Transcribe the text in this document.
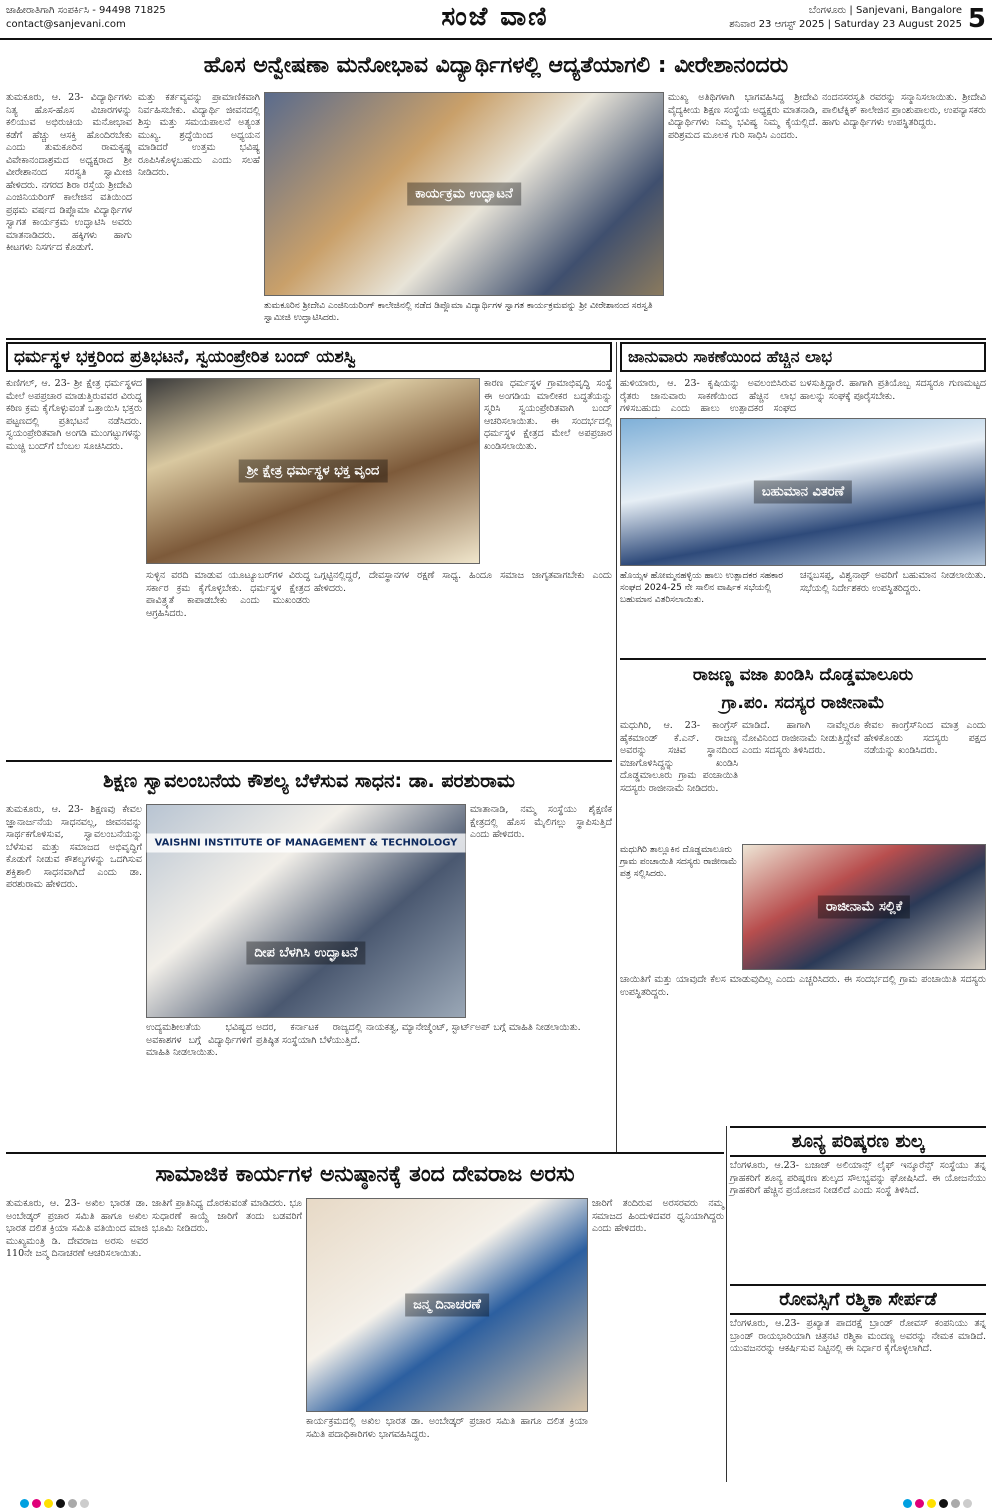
ಜಾಹೀರಾತಿಗಾಗಿ ಸಂಪರ್ಕಿಸಿ - 94498 71825
contact@sanjevani.com	ಸಂಜೆ ವಾಣಿ	ಬೆಂಗಳೂರು | Sanjevani, Bangalore
ಶನಿವಾರ 23 ಆಗಸ್ಟ್ 2025 | Saturday 23 August 2025 5
ಹೊಸ ಅನ್ವೇಷಣಾ ಮನೋಭಾವ ವಿದ್ಯಾರ್ಥಿಗಳಲ್ಲಿ ಆದ್ಯತೆಯಾಗಲಿ : ವೀರೇಶಾನಂದರು
ತುಮಕೂರು, ಆ. 23- ವಿದ್ಯಾರ್ಥಿಗಳು ನಿತ್ಯ ಹೊಸ-ಹೊಸ ವಿಚಾರಗಳನ್ನು ಕಲಿಯುವ ಅಭಿರುಚಿಯ ಮನೋಭಾವ ಕಡೆಗೆ ಹೆಚ್ಚು ಆಸಕ್ತಿ ಹೊಂದಿರಬೇಕು ಎಂದು ತುಮಕೂರಿನ ರಾಮಕೃಷ್ಣ ವಿವೇಕಾನಂದಾಶ್ರಮದ ಅಧ್ಯಕ್ಷರಾದ ಶ್ರೀ ವೀರೇಶಾನಂದ ಸರಸ್ವತಿ ಸ್ವಾಮೀಜಿ ಹೇಳಿದರು. ನಗರದ ಶಿರಾ ರಸ್ತೆಯ ಶ್ರೀದೇವಿ ಎಂಜಿನಿಯರಿಂಗ್ ಕಾಲೇಜಿನ ವತಿಯಿಂದ ಪ್ರಥಮ ವರ್ಷದ ಡಿಪ್ಲೊಮಾ ವಿದ್ಯಾರ್ಥಿಗಳ ಸ್ವಾಗತ ಕಾರ್ಯಕ್ರಮ ಉದ್ಘಾಟಿಸಿ ಅವರು ಮಾತನಾಡಿದರು. ಹಕ್ಕಿಗಳು ಹಾಗು ಕೀಟಗಳು ನಿಸರ್ಗದ ಕೊಡುಗೆ.
ಮತ್ತು ಕರ್ತವ್ಯವನ್ನು ಪ್ರಾಮಾಣಿಕವಾಗಿ ನಿರ್ವಹಿಸಬೇಕು. ವಿದ್ಯಾರ್ಥಿ ಜೀವನದಲ್ಲಿ ಶಿಸ್ತು ಮತ್ತು ಸಮಯಪಾಲನೆ ಅತ್ಯಂತ ಮುಖ್ಯ. ಶ್ರದ್ಧೆಯಿಂದ ಅಧ್ಯಯನ ಮಾಡಿದರೆ ಉತ್ತಮ ಭವಿಷ್ಯ ರೂಪಿಸಿಕೊಳ್ಳಬಹುದು ಎಂದು ಸಲಹೆ ನೀಡಿದರು.
ಕಾರ್ಯಕ್ರಮ ಉದ್ಘಾಟನೆ
ತುಮಕೂರಿನ ಶ್ರೀದೇವಿ ಎಂಜಿನಿಯರಿಂಗ್ ಕಾಲೇಜಿನಲ್ಲಿ ನಡೆದ ಡಿಪ್ಲೊಮಾ ವಿದ್ಯಾರ್ಥಿಗಳ ಸ್ವಾಗತ ಕಾರ್ಯಕ್ರಮವನ್ನು ಶ್ರೀ ವೀರೇಶಾನಂದ ಸರಸ್ವತಿ ಸ್ವಾಮೀಜಿ ಉದ್ಘಾಟಿಸಿದರು.
ಮುಖ್ಯ ಅತಿಥಿಗಳಾಗಿ ಭಾಗವಹಿಸಿದ್ದ ಶ್ರೀದೇವಿ ವೈದ್ಯಕೀಯ ಶಿಕ್ಷಣ ಸಂಸ್ಥೆಯ ಅಧ್ಯಕ್ಷರು ಮಾತನಾಡಿ, ವಿದ್ಯಾರ್ಥಿಗಳು ನಿಮ್ಮ ಭವಿಷ್ಯ ನಿಮ್ಮ ಕೈಯಲ್ಲಿದೆ. ಪರಿಶ್ರಮದ ಮೂಲಕ ಗುರಿ ಸಾಧಿಸಿ ಎಂದರು.
ನಂದನಸರಸ್ವತಿ ರವರನ್ನು ಸನ್ಮಾನಿಸಲಾಯಿತು. ಶ್ರೀದೇವಿ ಪಾಲಿಟೆಕ್ನಿಕ್ ಕಾಲೇಜಿನ ಪ್ರಾಂಶುಪಾಲರು, ಉಪನ್ಯಾಸಕರು ಹಾಗು ವಿದ್ಯಾರ್ಥಿಗಳು ಉಪಸ್ಥಿತರಿದ್ದರು.
ಧರ್ಮಸ್ಥಳ ಭಕ್ತರಿಂದ ಪ್ರತಿಭಟನೆ, ಸ್ವಯಂಪ್ರೇರಿತ ಬಂದ್ ಯಶಸ್ವಿ
ಕುಣಿಗಲ್, ಆ. 23- ಶ್ರೀ ಕ್ಷೇತ್ರ ಧರ್ಮಸ್ಥಳದ ಮೇಲೆ ಅಪಪ್ರಚಾರ ಮಾಡುತ್ತಿರುವವರ ವಿರುದ್ಧ ಕಠಿಣ ಕ್ರಮ ಕೈಗೊಳ್ಳುವಂತೆ ಒತ್ತಾಯಿಸಿ ಭಕ್ತರು ಪಟ್ಟಣದಲ್ಲಿ ಪ್ರತಿಭಟನೆ ನಡೆಸಿದರು. ಸ್ವಯಂಪ್ರೇರಿತವಾಗಿ ಅಂಗಡಿ ಮುಂಗಟ್ಟುಗಳನ್ನು ಮುಚ್ಚಿ ಬಂದ್‌ಗೆ ಬೆಂಬಲ ಸೂಚಿಸಿದರು.
ಶ್ರೀ ಕ್ಷೇತ್ರ ಧರ್ಮಸ್ಥಳ ಭಕ್ತ ವೃಂದ
ಕಾರಣ ಧರ್ಮಸ್ಥಳ ಗ್ರಾಮಾಭಿವೃದ್ಧಿ ಸಂಸ್ಥೆ ಈ ಅಂಗಡಿಯ ಮಾಲೀಕರ ಬದ್ಧತೆಯನ್ನು ಸ್ಮರಿಸಿ ಸ್ವಯಂಪ್ರೇರಿತವಾಗಿ ಬಂದ್ ಆಚರಿಸಲಾಯಿತು. ಈ ಸಂದರ್ಭದಲ್ಲಿ ಧರ್ಮಸ್ಥಳ ಕ್ಷೇತ್ರದ ಮೇಲೆ ಅಪಪ್ರಚಾರ ಖಂಡಿಸಲಾಯಿತು.
ಸುಳ್ಳಿನ ವರದಿ ಮಾಡುವ ಯೂಟ್ಯೂಬರ್‌ಗಳ ವಿರುದ್ಧ ಸರ್ಕಾರ ಕ್ರಮ ಕೈಗೊಳ್ಳಬೇಕು. ಧರ್ಮಸ್ಥಳ ಕ್ಷೇತ್ರದ ಪಾವಿತ್ರ್ಯತೆ ಕಾಪಾಡಬೇಕು ಎಂದು ಮುಖಂಡರು ಆಗ್ರಹಿಸಿದರು.
ಒಗ್ಗಟ್ಟಿನಲ್ಲಿದ್ದರೆ, ದೇವಸ್ಥಾನಗಳ ರಕ್ಷಣೆ ಸಾಧ್ಯ. ಹಿಂದೂ ಸಮಾಜ ಜಾಗೃತವಾಗಬೇಕು ಎಂದು ಹೇಳಿದರು.
ಜಾನುವಾರು ಸಾಕಣೆಯಿಂದ ಹೆಚ್ಚಿನ ಲಾಭ
ಹುಳಿಯಾರು, ಆ. 23- ಕೃಷಿಯನ್ನು ಅವಲಂಬಿಸಿರುವ ರೈತರು ಜಾನುವಾರು ಸಾಕಣೆಯಿಂದ ಹೆಚ್ಚಿನ ಲಾಭ ಗಳಿಸಬಹುದು ಎಂದು ಹಾಲು ಉತ್ಪಾದಕರ ಸಂಘದ
ಬಳಸುತ್ತಿದ್ದಾರೆ. ಹಾಗಾಗಿ ಪ್ರತಿಯೊಬ್ಬ ಸದಸ್ಯರೂ ಗುಣಮಟ್ಟದ ಹಾಲನ್ನು ಸಂಘಕ್ಕೆ ಪೂರೈಸಬೇಕು.
ಬಹುಮಾನ ವಿತರಣೆ
ಹೊಯ್ಸಳ ಹೋಮ್ಮನಹಳ್ಳಿಯ ಹಾಲು ಉತ್ಪಾದಕರ ಸಹಕಾರ ಸಂಘದ 2024-25 ನೇ ಸಾಲಿನ ವಾರ್ಷಿಕ ಸಭೆಯಲ್ಲಿ ಬಹುಮಾನ ವಿತರಿಸಲಾಯಿತು.
ಚನ್ನಬಸಪ್ಪ, ವಿಶ್ವನಾಥ್ ಅವರಿಗೆ ಬಹುಮಾನ ನೀಡಲಾಯಿತು. ಸಭೆಯಲ್ಲಿ ನಿರ್ದೇಶಕರು ಉಪಸ್ಥಿತರಿದ್ದರು.
ರಾಜಣ್ಣ ವಜಾ ಖಂಡಿಸಿ ದೊಡ್ಡಮಾಲೂರು
ಗ್ರಾ.ಪಂ. ಸದಸ್ಯರ ರಾಜೀನಾಮೆ
ಮಧುಗಿರಿ, ಆ. 23- ಕಾಂಗ್ರೆಸ್ ಹೈಕಮಾಂಡ್ ಕೆ.ಎನ್. ರಾಜಣ್ಣ ಅವರನ್ನು ಸಚಿವ ಸ್ಥಾನದಿಂದ ವಜಾಗೊಳಿಸಿದ್ದನ್ನು ಖಂಡಿಸಿ ದೊಡ್ಡಮಾಲೂರು ಗ್ರಾಮ ಪಂಚಾಯಿತಿ ಸದಸ್ಯರು ರಾಜೀನಾಮೆ ನೀಡಿದರು.
ಮಾಡಿದೆ. ಹಾಗಾಗಿ ನಾವೆಲ್ಲರೂ ನೋವಿನಿಂದ ರಾಜೀನಾಮೆ ನೀಡುತ್ತಿದ್ದೇವೆ ಎಂದು ಸದಸ್ಯರು ತಿಳಿಸಿದರು.
ಕೇವಲ ಕಾಂಗ್ರೆಸ್‌ನಿಂದ ಮಾತ್ರ ಎಂದು ಹೇಳಿಕೊಂಡು ಸದಸ್ಯರು ಪಕ್ಷದ ನಡೆಯನ್ನು ಖಂಡಿಸಿದರು.
ರಾಜೀನಾಮೆ ಸಲ್ಲಿಕೆ
ಮಧುಗಿರಿ ತಾಲ್ಲೂಕಿನ ದೊಡ್ಡಮಾಲೂರು ಗ್ರಾಮ ಪಂಚಾಯಿತಿ ಸದಸ್ಯರು ರಾಜೀನಾಮೆ ಪತ್ರ ಸಲ್ಲಿಸಿದರು.
ಚಾಯಿತಿಗೆ ಮತ್ತು ಯಾವುದೇ ಕೆಲಸ ಮಾಡುವುದಿಲ್ಲ ಎಂದು ಎಚ್ಚರಿಸಿದರು. ಈ ಸಂದರ್ಭದಲ್ಲಿ ಗ್ರಾಮ ಪಂಚಾಯಿತಿ ಸದಸ್ಯರು ಉಪಸ್ಥಿತರಿದ್ದರು.
ಶಿಕ್ಷಣ ಸ್ವಾವಲಂಬನೆಯ ಕೌಶಲ್ಯ ಬೆಳೆಸುವ ಸಾಧನ: ಡಾ. ಪರಶುರಾಮ
ತುಮಕೂರು, ಆ. 23- ಶಿಕ್ಷಣವು ಕೇವಲ ಜ್ಞಾನಾರ್ಜನೆಯ ಸಾಧನವಲ್ಲ, ಜೀವನವನ್ನು ಸಾರ್ಥಕಗೊಳಿಸುವ, ಸ್ವಾವಲಂಬನೆಯನ್ನು ಬೆಳೆಸುವ ಮತ್ತು ಸಮಾಜದ ಅಭಿವೃದ್ಧಿಗೆ ಕೊಡುಗೆ ನೀಡುವ ಕೌಶಲ್ಯಗಳನ್ನು ಒದಗಿಸುವ ಶಕ್ತಿಶಾಲಿ ಸಾಧನವಾಗಿದೆ ಎಂದು ಡಾ. ಪರಶುರಾಮ ಹೇಳಿದರು.
VAISHNI INSTITUTE OF MANAGEMENT & TECHNOLOGY
ದೀಪ ಬೆಳಗಿಸಿ ಉದ್ಘಾಟನೆ
ಮಾತಾನಾಡಿ, ನಮ್ಮ ಸಂಸ್ಥೆಯು ಶೈಕ್ಷಣಿಕ ಕ್ಷೇತ್ರದಲ್ಲಿ ಹೊಸ ಮೈಲಿಗಲ್ಲು ಸ್ಥಾಪಿಸುತ್ತಿದೆ ಎಂದು ಹೇಳಿದರು.
ಉದ್ಯಮಶೀಲತೆಯ ಭವಿಷ್ಯದ ಅವಕಾಶಗಳ ಬಗ್ಗೆ ವಿದ್ಯಾರ್ಥಿಗಳಿಗೆ ಮಾಹಿತಿ ನೀಡಲಾಯಿತು.
ಅದರ, ಕರ್ನಾಟಕ ರಾಜ್ಯದಲ್ಲಿ ಪ್ರತಿಷ್ಠಿತ ಸಂಸ್ಥೆಯಾಗಿ ಬೆಳೆಯುತ್ತಿದೆ.
ನಾಯಕತ್ವ, ಮ್ಯಾನೇಜ್ಮೆಂಟ್, ಸ್ಟಾರ್ಟ್‌ಅಪ್ ಬಗ್ಗೆ ಮಾಹಿತಿ ನೀಡಲಾಯಿತು.
ಶೂನ್ಯ ಪರಿಷ್ಕರಣ ಶುಲ್ಕ
ಬೆಂಗಳೂರು, ಆ.23- ಬಜಾಜ್ ಅಲಿಯಾನ್ಸ್ ಲೈಫ್ ಇನ್ಶೂರೆನ್ಸ್ ಸಂಸ್ಥೆಯು ತನ್ನ ಗ್ರಾಹಕರಿಗೆ ಶೂನ್ಯ ಪರಿಷ್ಕರಣ ಶುಲ್ಕದ ಸೌಲಭ್ಯವನ್ನು ಘೋಷಿಸಿದೆ. ಈ ಯೋಜನೆಯು ಗ್ರಾಹಕರಿಗೆ ಹೆಚ್ಚಿನ ಪ್ರಯೋಜನ ನೀಡಲಿದೆ ಎಂದು ಸಂಸ್ಥೆ ತಿಳಿಸಿದೆ.
ರೋವಸ್ಸಿಗೆ ರಶ್ಮಿಕಾ ಸೇರ್ಪಡೆ
ಬೆಂಗಳೂರು, ಆ.23- ಪ್ರಖ್ಯಾತ ಪಾದರಕ್ಷೆ ಬ್ರಾಂಡ್ ರೋವಸ್ ಕಂಪನಿಯು ತನ್ನ ಬ್ರಾಂಡ್ ರಾಯಭಾರಿಯಾಗಿ ಚಿತ್ರನಟಿ ರಶ್ಮಿಕಾ ಮಂದಣ್ಣ ಅವರನ್ನು ನೇಮಕ ಮಾಡಿದೆ. ಯುವಜನರನ್ನು ಆಕರ್ಷಿಸುವ ನಿಟ್ಟಿನಲ್ಲಿ ಈ ನಿರ್ಧಾರ ಕೈಗೊಳ್ಳಲಾಗಿದೆ.
ಸಾಮಾಜಿಕ ಕಾರ್ಯಗಳ ಅನುಷ್ಠಾನಕ್ಕೆ ತಂದ ದೇವರಾಜ ಅರಸು
ತುಮಕೂರು, ಆ. 23- ಅಖಿಲ ಭಾರತ ಡಾ. ಅಂಬೇಡ್ಕರ್ ಪ್ರಚಾರ ಸಮಿತಿ ಹಾಗೂ ಅಖಿಲ ಭಾರತ ದಲಿತ ಕ್ರಿಯಾ ಸಮಿತಿ ವತಿಯಿಂದ ಮಾಜಿ ಮುಖ್ಯಮಂತ್ರಿ ಡಿ. ದೇವರಾಜ ಅರಸು ಅವರ 110ನೇ ಜನ್ಮ ದಿನಾಚರಣೆ ಆಚರಿಸಲಾಯಿತು.
ಜಾತಿಗೆ ಪ್ರಾತಿನಿಧ್ಯ ದೊರಕುವಂತೆ ಮಾಡಿದರು. ಭೂ ಸುಧಾರಣೆ ಕಾಯ್ದೆ ಜಾರಿಗೆ ತಂದು ಬಡವರಿಗೆ ಭೂಮಿ ನೀಡಿದರು.
ಜನ್ಮ ದಿನಾಚರಣೆ
ಜಾರಿಗೆ ತಂದಿರುವ ಅರಸರವರು ನಮ್ಮ ಸಮಾಜದ ಹಿಂದುಳಿದವರ ಧ್ವನಿಯಾಗಿದ್ದರು ಎಂದು ಹೇಳಿದರು.
ಕಾರ್ಯಕ್ರಮದಲ್ಲಿ ಅಖಿಲ ಭಾರತ ಡಾ. ಅಂಬೇಡ್ಕರ್ ಪ್ರಚಾರ ಸಮಿತಿ ಹಾಗೂ ದಲಿತ ಕ್ರಿಯಾ ಸಮಿತಿ ಪದಾಧಿಕಾರಿಗಳು ಭಾಗವಹಿಸಿದ್ದರು.
